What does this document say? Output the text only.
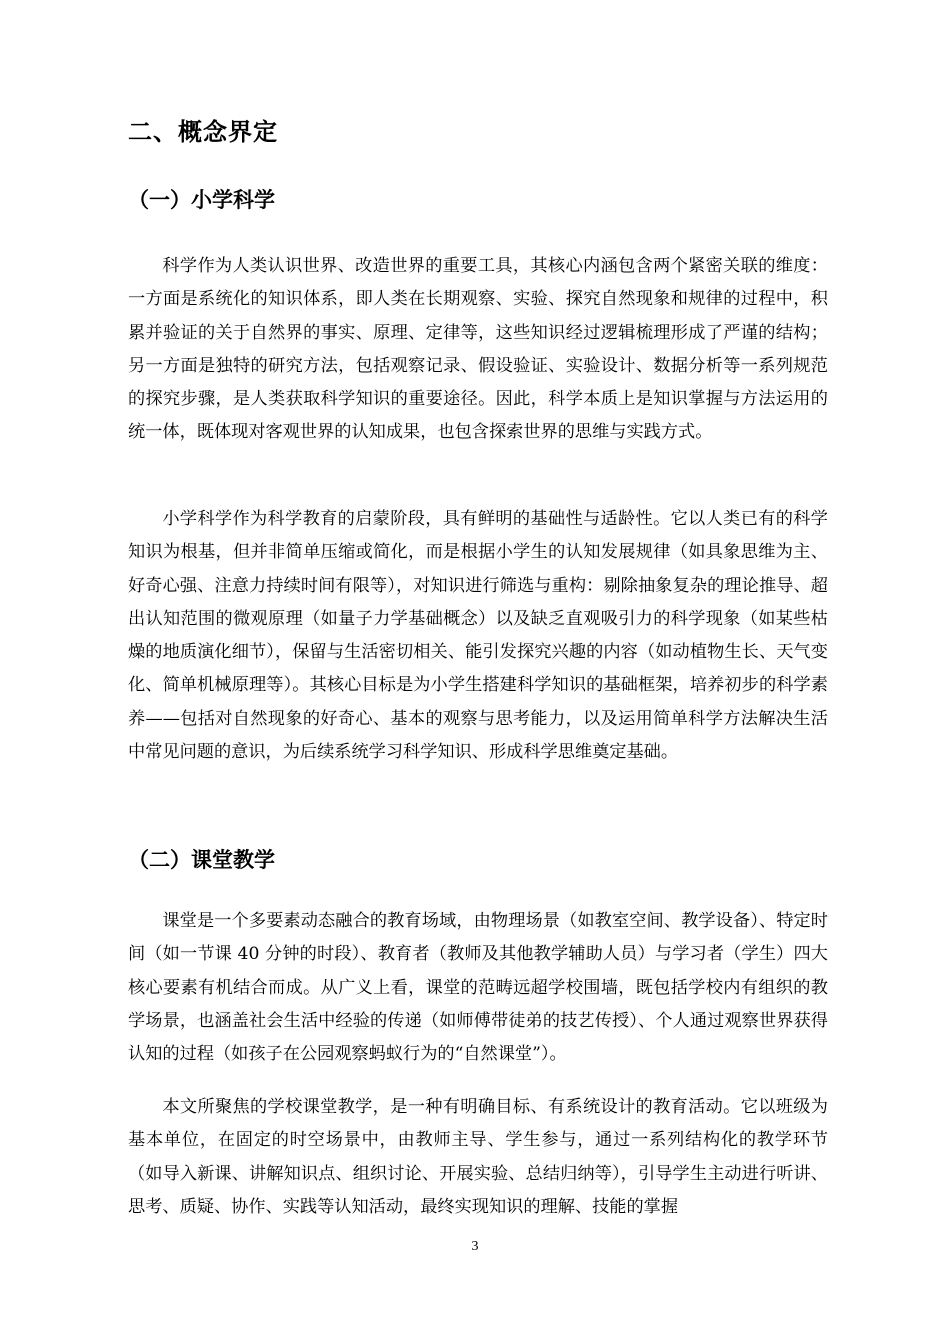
二、概念界定
（一）小学科学

科学作为人类认识世界、改造世界的重要工具，其核心内涵包含两个紧密关联的维度：一方面是系统化的知识体系，即人类在长期观察、实验、探究自然现象和规律的过程中，积累并验证的关于自然界的事实、原理、定律等，这些知识经过逻辑梳理形成了严谨的结构；另一方面是独特的研究方法，包括观察记录、假设验证、实验设计、数据分析等一系列规范的探究步骤，是人类获取科学知识的重要途径。因此，科学本质上是知识掌握与方法运用的统一体，既体现对客观世界的认知成果，也包含探索世界的思维与实践方式。

小学科学作为科学教育的启蒙阶段，具有鲜明的基础性与适龄性。它以人类已有的科学知识为根基，但并非简单压缩或简化，而是根据小学生的认知发展规律（如具象思维为主、好奇心强、注意力持续时间有限等），对知识进行筛选与重构：剔除抽象复杂的理论推导、超出认知范围的微观原理（如量子力学基础概念）以及缺乏直观吸引力的科学现象（如某些枯燥的地质演化细节），保留与生活密切相关、能引发探究兴趣的内容（如动植物生长、天气变化、简单机械原理等）。其核心目标是为小学生搭建科学知识的基础框架，培养初步的科学素养——包括对自然现象的好奇心、基本的观察与思考能力，以及运用简单科学方法解决生活中常见问题的意识，为后续系统学习科学知识、形成科学思维奠定基础。

（二）课堂教学

课堂是一个多要素动态融合的教育场域，由物理场景（如教室空间、教学设备）、特定时间（如一节课 40 分钟的时段）、教育者（教师及其他教学辅助人员）与学习者（学生）四大核心要素有机结合而成。从广义上看，课堂的范畴远超学校围墙，既包括学校内有组织的教学场景，也涵盖社会生活中经验的传递（如师傅带徒弟的技艺传授）、个人通过观察世界获得认知的过程（如孩子在公园观察蚂蚁行为的“自然课堂”）。

本文所聚焦的学校课堂教学，是一种有明确目标、有系统设计的教育活动。它以班级为基本单位，在固定的时空场景中，由教师主导、学生参与，通过一系列结构化的教学环节（如导入新课、讲解知识点、组织讨论、开展实验、总结归纳等），引导学生主动进行听讲、思考、质疑、协作、实践等认知活动，最终实现知识的理解、技能的掌握

3
